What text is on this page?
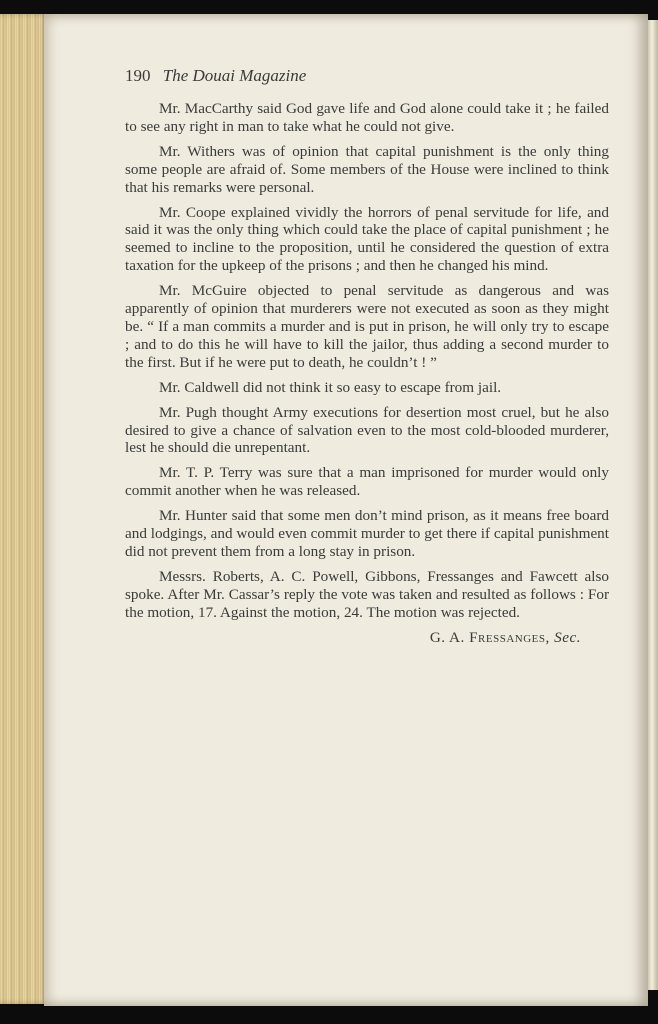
190 The Douai Magazine

Mr. MacCarthy said God gave life and God alone could take it ; he failed to see any right in man to take what he could not give.

Mr. Withers was of opinion that capital punishment is the only thing some people are afraid of. Some members of the House were inclined to think that his remarks were personal.

Mr. Coope explained vividly the horrors of penal servitude for life, and said it was the only thing which could take the place of capital punishment ; he seemed to incline to the proposition, until he considered the question of extra taxation for the upkeep of the prisons ; and then he changed his mind.

Mr. McGuire objected to penal servitude as dangerous and was apparently of opinion that murderers were not executed as soon as they might be. “ If a man commits a murder and is put in prison, he will only try to escape ; and to do this he will have to kill the jailor, thus adding a second murder to the first. But if he were put to death, he couldn’t ! ”

Mr. Caldwell did not think it so easy to escape from jail.

Mr. Pugh thought Army executions for desertion most cruel, but he also desired to give a chance of salvation even to the most cold-blooded murderer, lest he should die unrepentant.

Mr. T. P. Terry was sure that a man imprisoned for murder would only commit another when he was released.

Mr. Hunter said that some men don’t mind prison, as it means free board and lodgings, and would even commit murder to get there if capital punishment did not prevent them from a long stay in prison.

Messrs. Roberts, A. C. Powell, Gibbons, Fressanges and Fawcett also spoke. After Mr. Cassar’s reply the vote was taken and resulted as follows : For the motion, 17. Against the motion, 24. The motion was rejected.

G. A. Fressanges, Sec.
